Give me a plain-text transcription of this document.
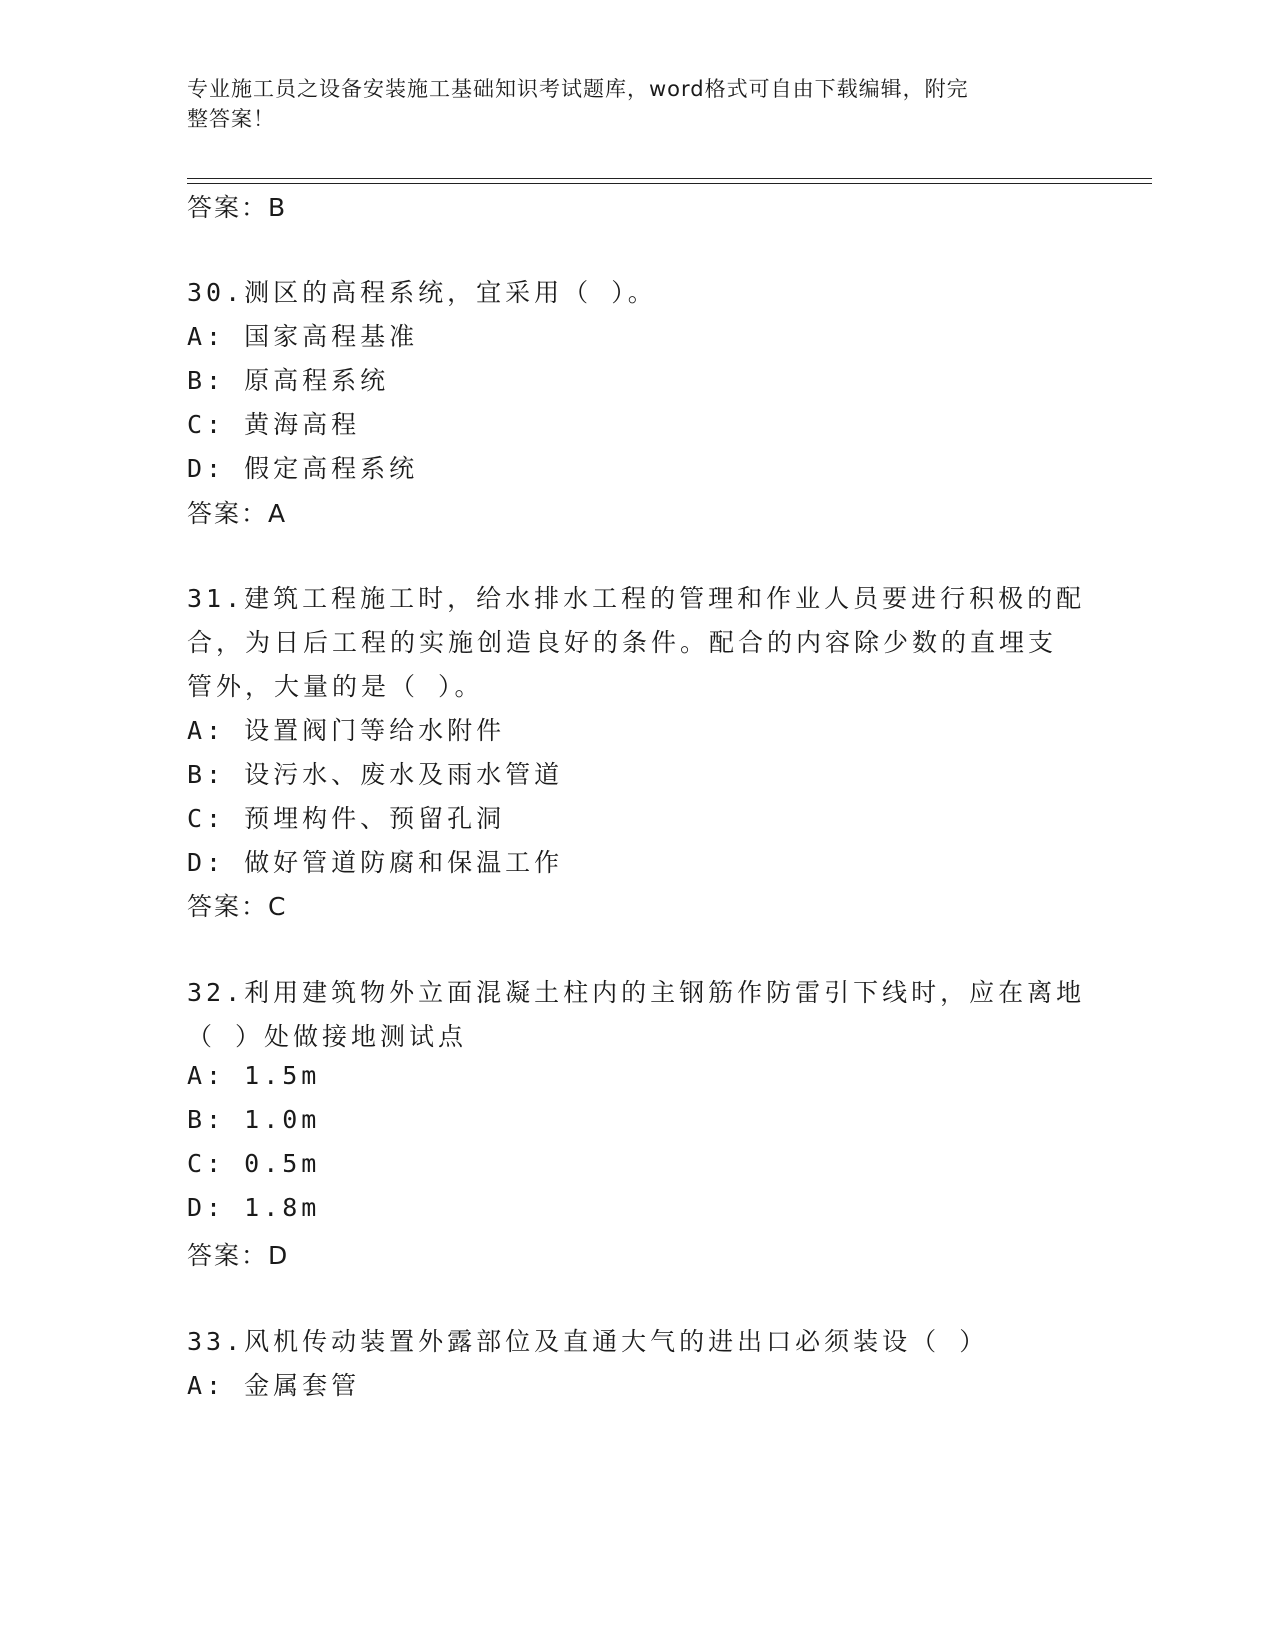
专业施工员之设备安装施工基础知识考试题库，word格式可自由下载编辑，附完
整答案！
答案：B
30.测区的高程系统，宜采用（ ）。
A: 国家高程基准
B: 原高程系统
C: 黄海高程
D: 假定高程系统
答案：A
31.建筑工程施工时，给水排水工程的管理和作业人员要进行积极的配
合，为日后工程的实施创造良好的条件。配合的内容除少数的直埋支
管外，大量的是（ ）。
A: 设置阀门等给水附件
B: 设污水、废水及雨水管道
C: 预埋构件、预留孔洞
D: 做好管道防腐和保温工作
答案：C
32.利用建筑物外立面混凝土柱内的主钢筋作防雷引下线时，应在离地
（ ）处做接地测试点
A: 1.5m
B: 1.0m
C: 0.5m
D: 1.8m
答案：D
33.风机传动装置外露部位及直通大气的进出口必须装设（ ）
A: 金属套管
